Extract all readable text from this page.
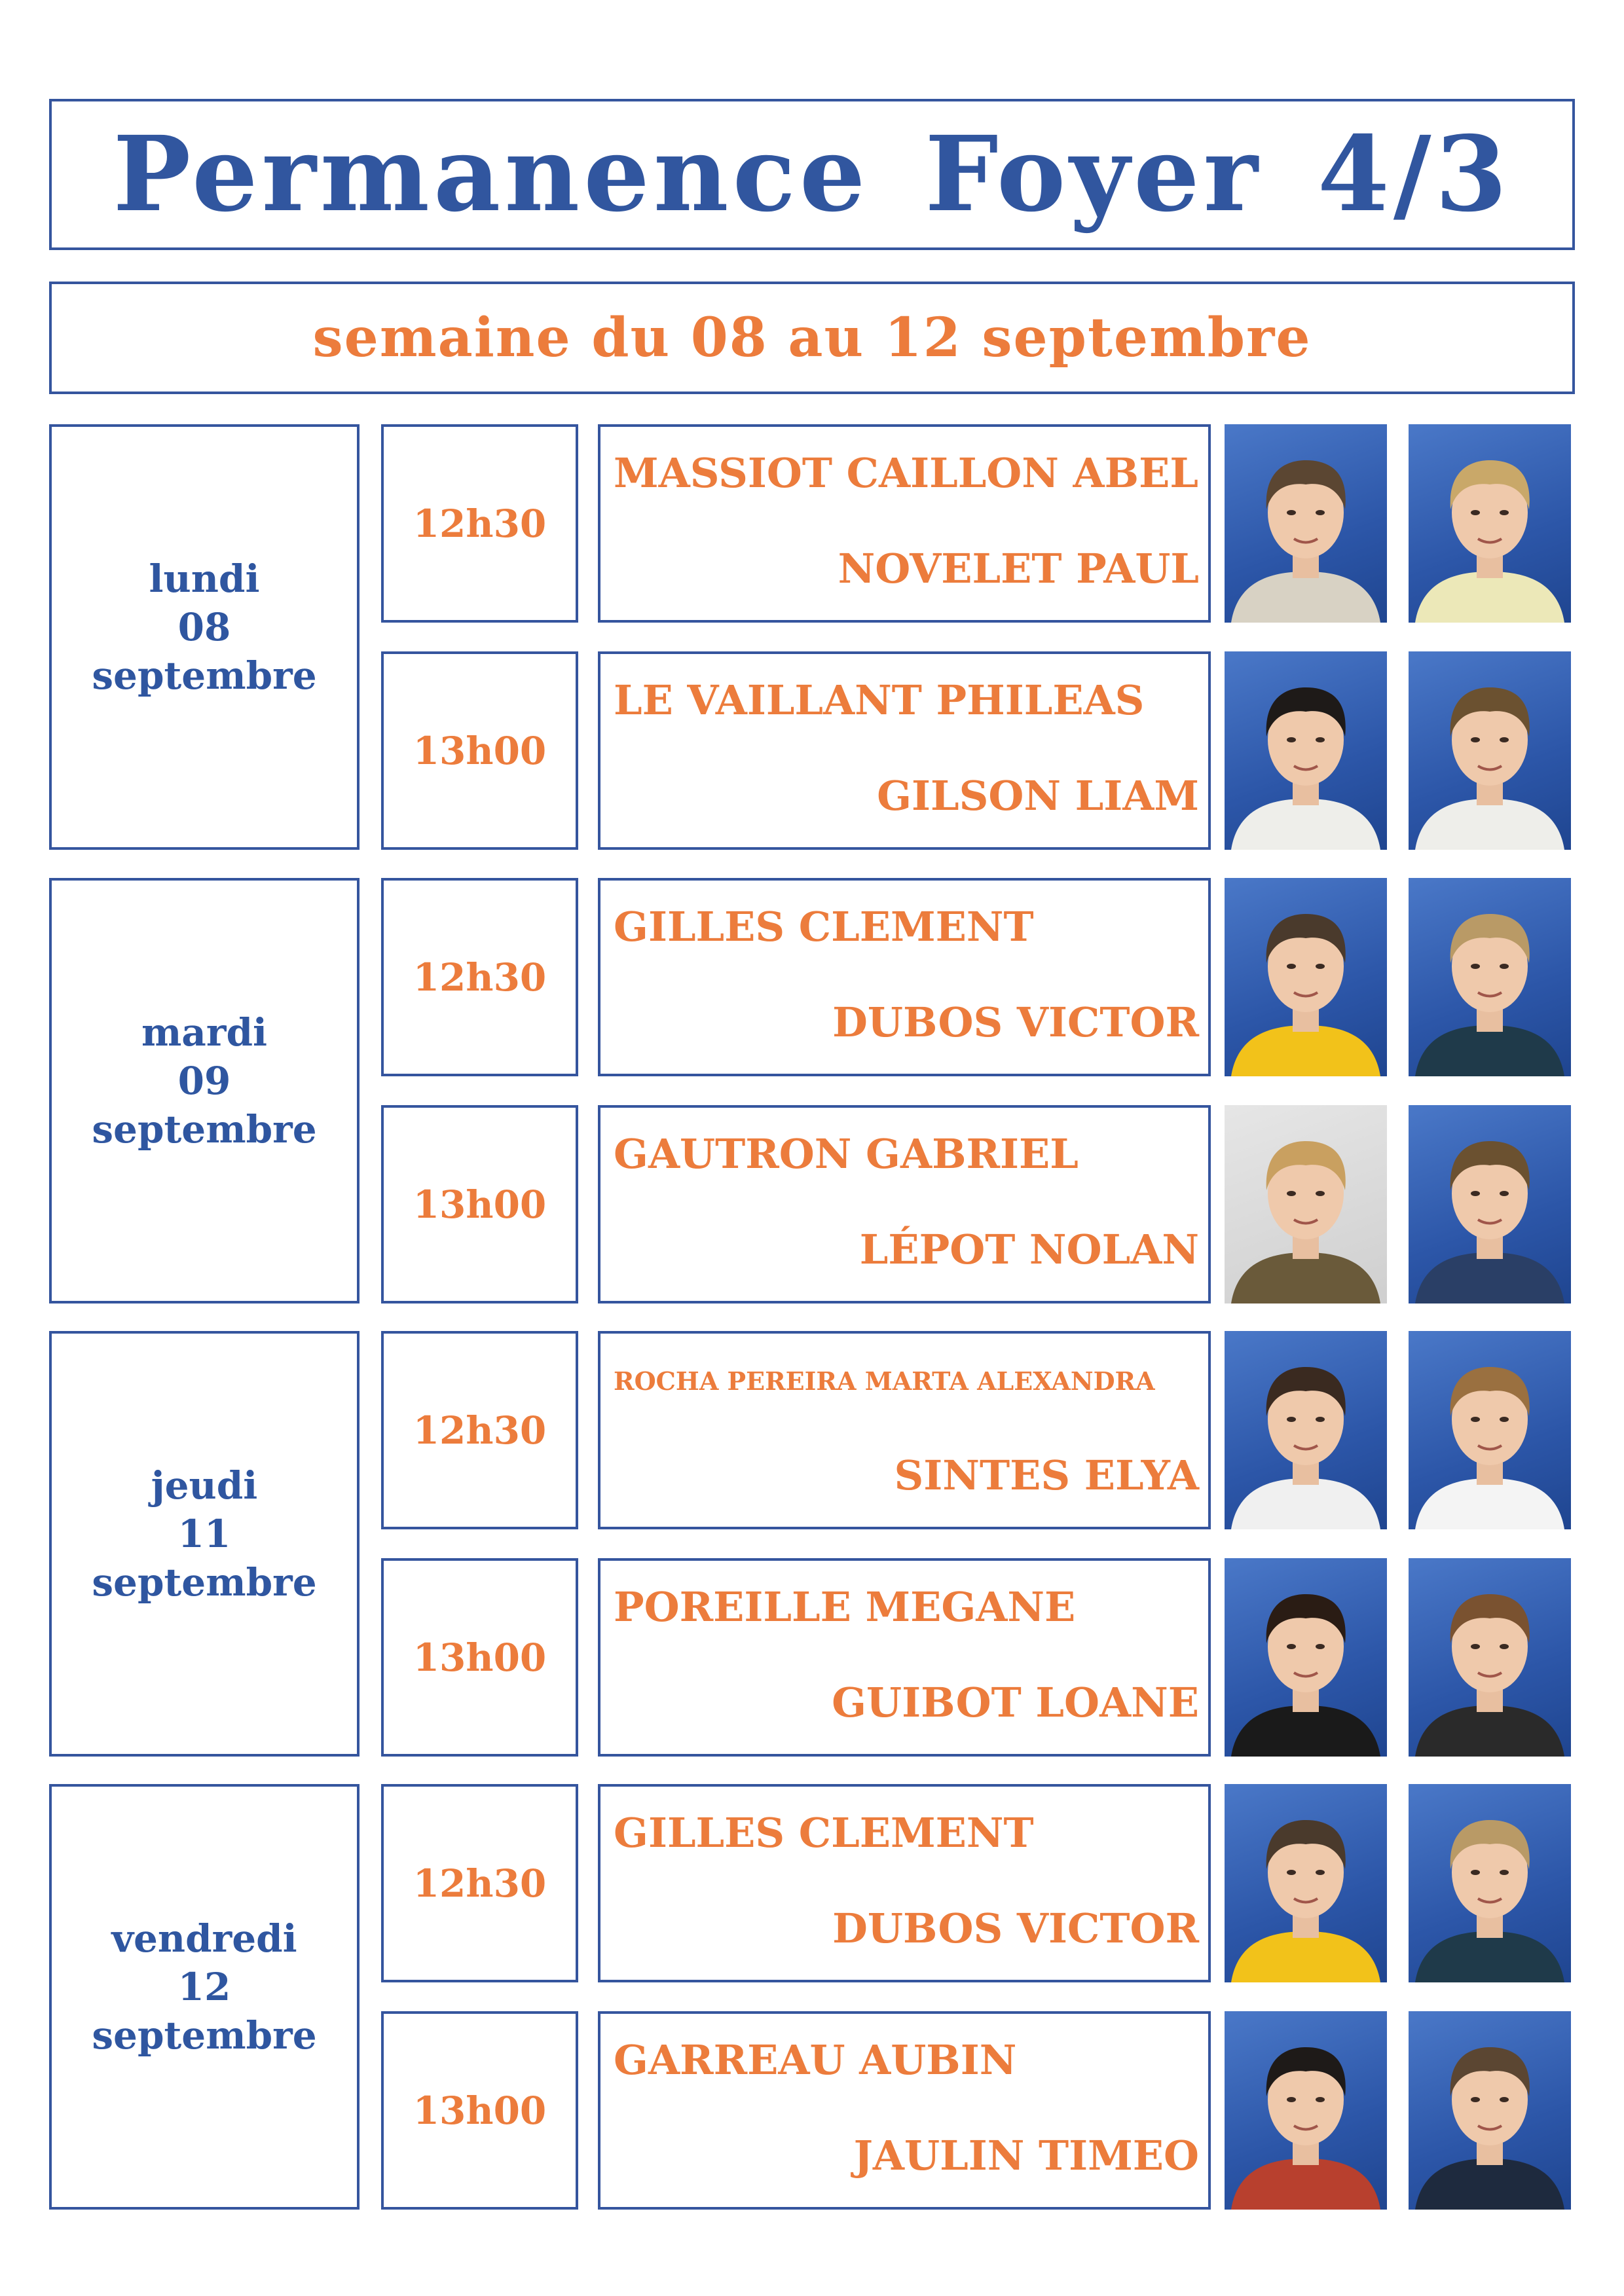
Permanence Foyer 4/3
semaine du 08 au 12 septembre
lundi
08
septembre
12h30
MASSIOT CAILLON ABEL
NOVELET PAUL
13h00
LE VAILLANT PHILEAS
GILSON LIAM
mardi
09
septembre
12h30
GILLES CLEMENT
DUBOS VICTOR
13h00
GAUTRON GABRIEL
LÉPOT NOLAN
jeudi
11
septembre
12h30
ROCHA PEREIRA MARTA ALEXANDRA
SINTES ELYA
13h00
POREILLE MEGANE
GUIBOT LOANE
vendredi
12
septembre
12h30
GILLES CLEMENT
DUBOS VICTOR
13h00
GARREAU AUBIN
JAULIN TIMEO
